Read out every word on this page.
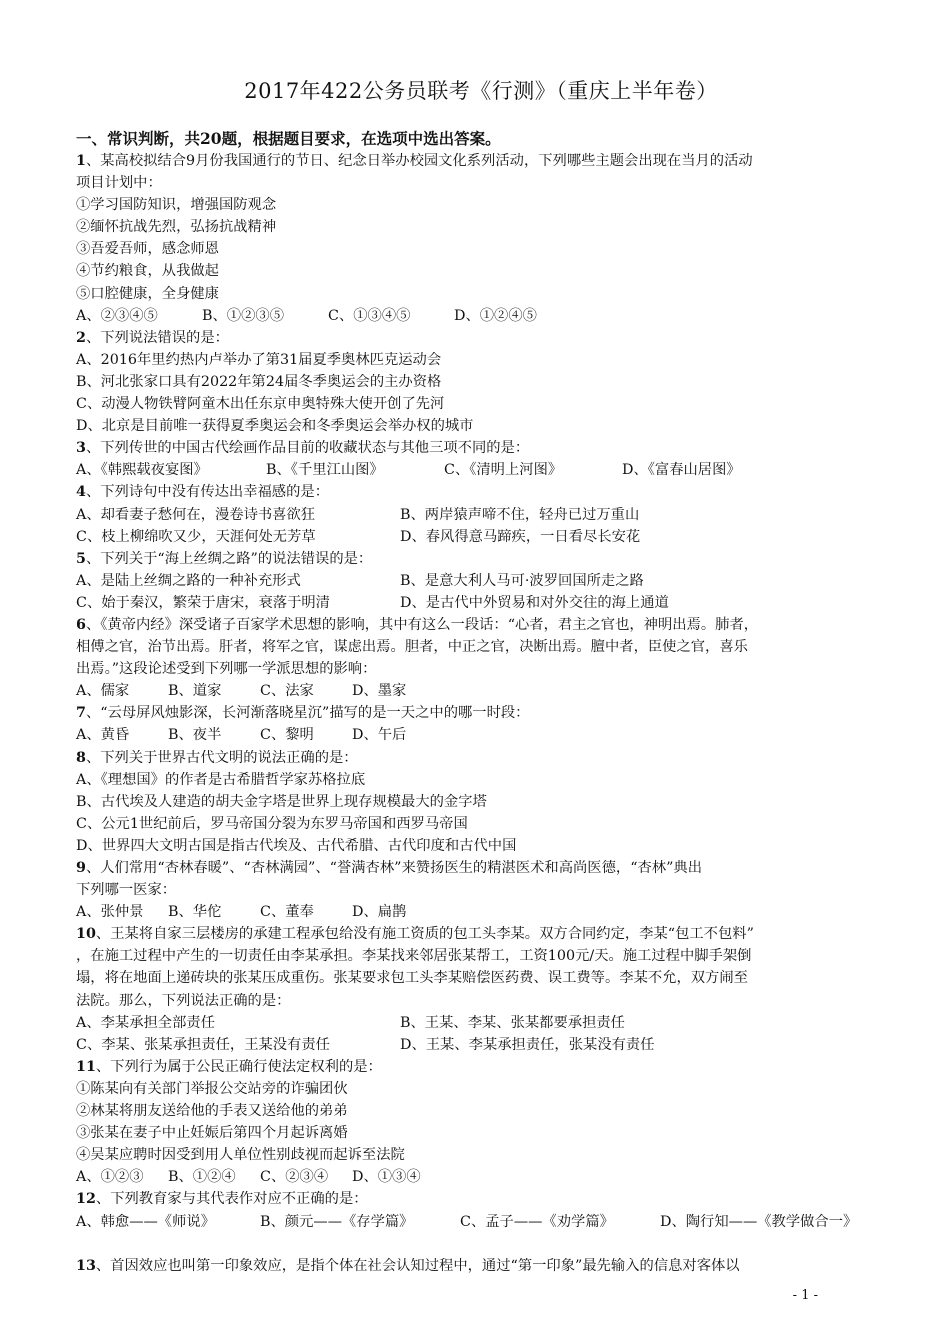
2017年422公务员联考《行测》（重庆上半年卷）

一、常识判断，共20题，根据题目要求，在选项中选出答案。

1、某高校拟结合9月份我国通行的节日、纪念日举办校园文化系列活动，下列哪些主题会出现在当月的活动

项目计划中：

①学习国防知识，增强国防观念

②缅怀抗战先烈，弘扬抗战精神

③吾爱吾师，感念师恩

④节约粮食，从我做起

⑤口腔健康，全身健康

A、②③④⑤	B、①②③⑤	C、①③④⑤	D、①②④⑤

2、下列说法错误的是：

A、2016年里约热内卢举办了第31届夏季奥林匹克运动会
B、河北张家口具有2022年第24届冬季奥运会的主办资格
C、动漫人物铁臂阿童木出任东京申奥特殊大使开创了先河
D、北京是目前唯一获得夏季奥运会和冬季奥运会举办权的城市

3、下列传世的中国古代绘画作品目前的收藏状态与其他三项不同的是：

A、《韩熙载夜宴图》	B、《千里江山图》	C、《清明上河图》	D、《富春山居图》

4、下列诗句中没有传达出幸福感的是：

A、却看妻子愁何在，漫卷诗书喜欲狂	B、两岸猿声啼不住，轻舟已过万重山
C、枝上柳绵吹又少，天涯何处无芳草	D、春风得意马蹄疾，一日看尽长安花

5、下列关于“海上丝绸之路”的说法错误的是：

A、是陆上丝绸之路的一种补充形式	B、是意大利人马可·波罗回国所走之路
C、始于秦汉，繁荣于唐宋，衰落于明清	D、是古代中外贸易和对外交往的海上通道

6、《黄帝内经》深受诸子百家学术思想的影响，其中有这么一段话：“心者，君主之官也，神明出焉。肺者，

相傅之官，治节出焉。肝者，将军之官，谋虑出焉。胆者，中正之官，决断出焉。膻中者，臣使之官，喜乐

出焉。”这段论述受到下列哪一学派思想的影响：

A、儒家	B、道家	C、法家	D、墨家

7、“云母屏风烛影深，长河渐落晓星沉”描写的是一天之中的哪一时段：

A、黄昏	B、夜半	C、黎明	D、午后

8、下列关于世界古代文明的说法正确的是：

A、《理想国》的作者是古希腊哲学家苏格拉底
B、古代埃及人建造的胡夫金字塔是世界上现存规模最大的金字塔
C、公元1世纪前后，罗马帝国分裂为东罗马帝国和西罗马帝国
D、世界四大文明古国是指古代埃及、古代希腊、古代印度和古代中国

9、人们常用“杏林春暖”、“杏林满园”、“誉满杏林”来赞扬医生的精湛医术和高尚医德，“杏林”典出

下列哪一医家：

A、张仲景	B、华佗	C、董奉	D、扁鹊

10、王某将自家三层楼房的承建工程承包给没有施工资质的包工头李某。双方合同约定，李某“包工不包料”

，在施工过程中产生的一切责任由李某承担。李某找来邻居张某帮工，工资100元/天。施工过程中脚手架倒

塌，将在地面上递砖块的张某压成重伤。张某要求包工头李某赔偿医药费、误工费等。李某不允，双方闹至

法院。那么，下列说法正确的是：

A、李某承担全部责任	B、王某、李某、张某都要承担责任
C、李某、张某承担责任，王某没有责任	D、王某、李某承担责任，张某没有责任

11、下列行为属于公民正确行使法定权利的是：

①陈某向有关部门举报公交站旁的诈骗团伙

②林某将朋友送给他的手表又送给他的弟弟

③张某在妻子中止妊娠后第四个月起诉离婚

④吴某应聘时因受到用人单位性别歧视而起诉至法院

A、①②③	B、①②④	C、②③④	D、①③④

12、下列教育家与其代表作对应不正确的是：

A、韩愈——《师说》	B、颜元——《存学篇》	C、孟子——《劝学篇》	D、陶行知——《教学做合一》

13、首因效应也叫第一印象效应，是指个体在社会认知过程中，通过“第一印象”最先输入的信息对客体以

- 1 -
